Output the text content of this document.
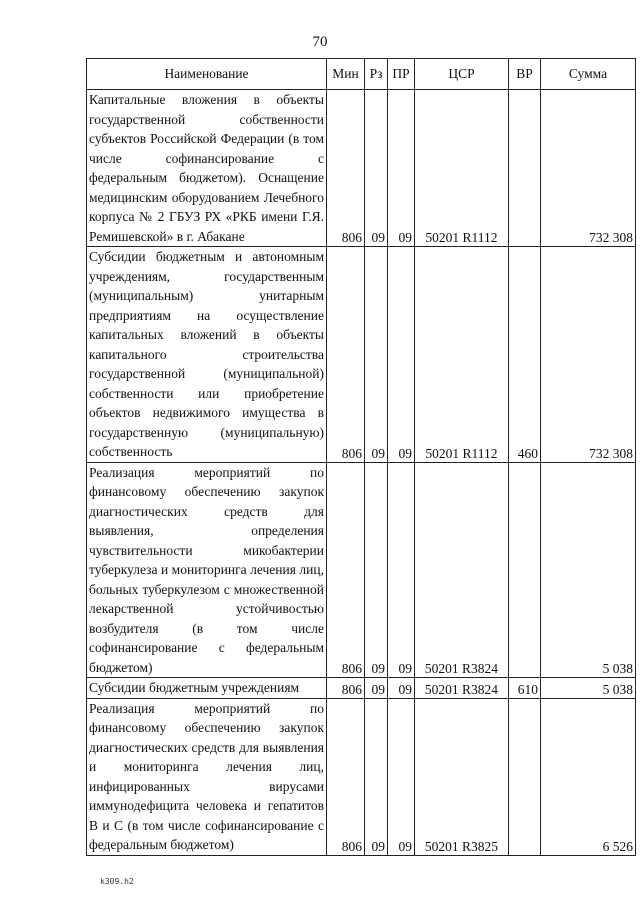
70
Наименование	Мин	Рз	ПР	ЦСР	ВР	Сумма
Капитальные вложения в объекты государственной собственности субъектов Российской Федерации (в том числе софинансирование с федеральным бюджетом). Оснащение медицинским оборудованием Лечебного корпуса № 2 ГБУЗ РХ «РКБ имени Г.Я. Ремишевской» в г. Абакане	806	09	09	50201 R1112		732 308
Субсидии бюджетным и автономным учреждениям, государственным (муниципальным) унитарным предприятиям на осуществление капитальных вложений в объекты капитального строительства государственной (муниципальной) собственности или приобретение объектов недвижимого имущества в государственную (муниципальную) собственность	806	09	09	50201 R1112	460	732 308
Реализация мероприятий по финансовому обеспечению закупок диагностических средств для выявления, определения чувствительности микобактерии туберкулеза и мониторинга лечения лиц, больных туберкулезом с множественной лекарственной устойчивостью возбудителя (в том числе софинансирование с федеральным бюджетом)	806	09	09	50201 R3824		5 038
Субсидии бюджетным учреждениям	806	09	09	50201 R3824	610	5 038
Реализация мероприятий по финансовому обеспечению закупок диагностических средств для выявления и мониторинга лечения лиц, инфицированных вирусами иммунодефицита человека и гепатитов В и С (в том числе софинансирование с федеральным бюджетом)	806	09	09	50201 R3825		6 526
k309.h2
